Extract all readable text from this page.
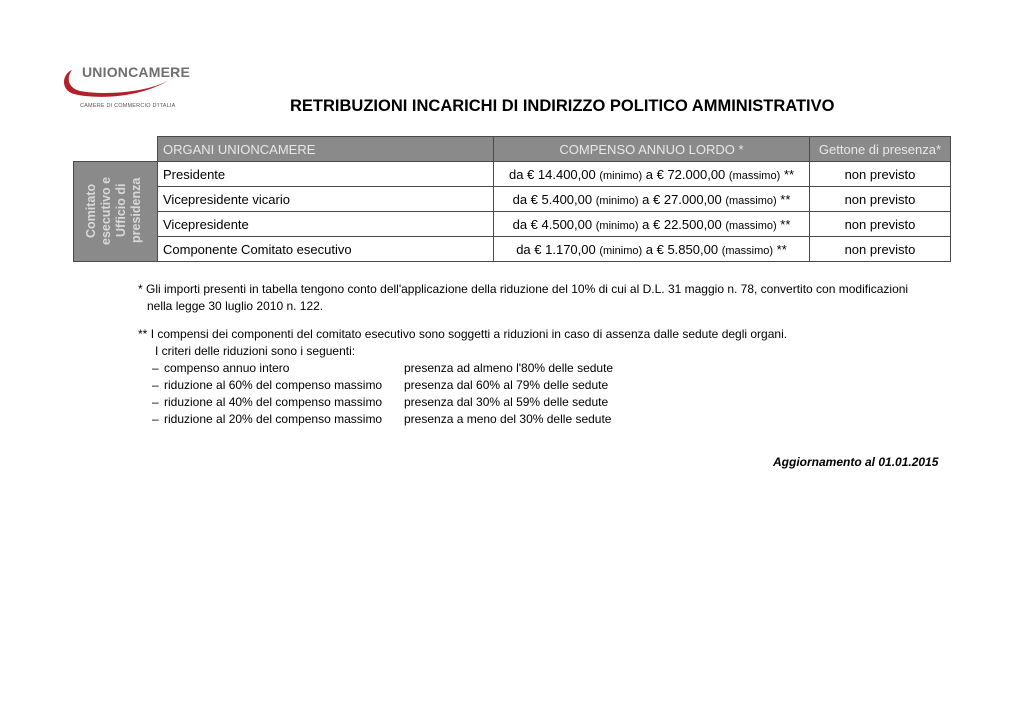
UNIONCAMERE
CAMERE DI COMMERCIO D'ITALIA	RETRIBUZIONI INCARICHI DI INDIRIZZO POLITICO AMMINISTRATIVO
	ORGANI UNIONCAMERE	COMPENSO ANNUO LORDO *	Gettone di presenza*
Comitato esecutivo e Ufficio di presidenza	Presidente	da € 14.400,00 (minimo) a € 72.000,00 (massimo) **	non previsto
	Vicepresidente vicario	da € 5.400,00 (minimo) a € 27.000,00 (massimo) **	non previsto
	Vicepresidente	da € 4.500,00 (minimo) a € 22.500,00 (massimo) **	non previsto
	Componente Comitato esecutivo	da € 1.170,00 (minimo) a € 5.850,00 (massimo) **	non previsto
* Gli importi presenti in tabella tengono conto dell'applicazione della riduzione del 10% di cui al D.L. 31 maggio n. 78, convertito con modificazioni
nella legge 30 luglio 2010 n. 122.
** I compensi dei componenti del comitato esecutivo sono soggetti a riduzioni in caso di assenza dalle sedute degli organi.
I criteri delle riduzioni sono i seguenti:
– compenso annuo intero	presenza ad almeno l'80% delle sedute
– riduzione al 60% del compenso massimo presenza dal 60% al 79% delle sedute
– riduzione al 40% del compenso massimo presenza dal 30% al 59% delle sedute
– riduzione al 20% del compenso massimo presenza a meno del 30% delle sedute
Aggiornamento al 01.01.2015
